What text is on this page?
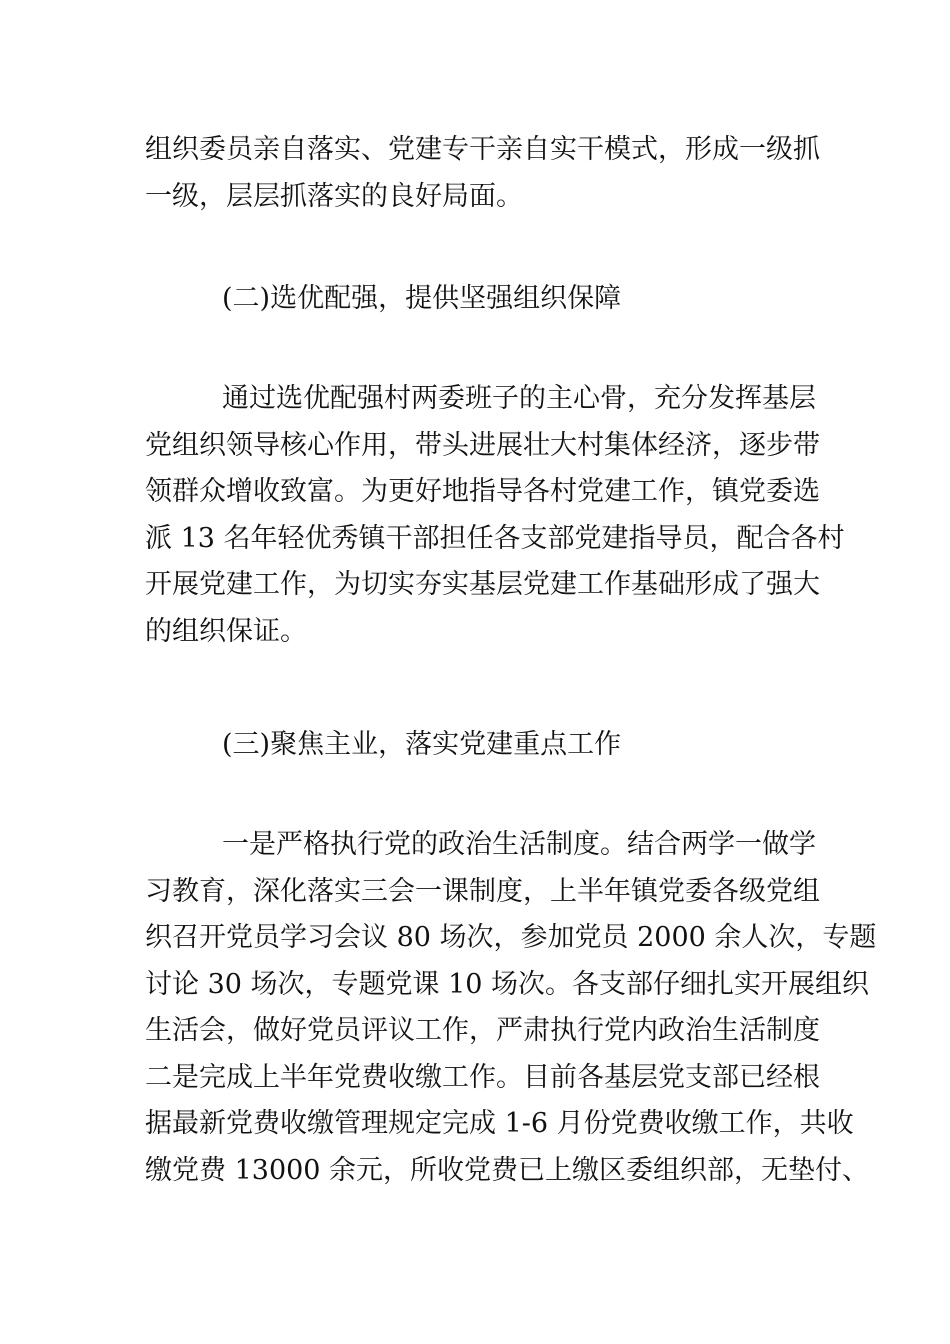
组织委员亲自落实、党建专干亲自实干模式，形成一级抓
一级，层层抓落实的良好局面。

(二)选优配强，提供坚强组织保障

通过选优配强村两委班子的主心骨，充分发挥基层
党组织领导核心作用，带头进展壮大村集体经济，逐步带
领群众增收致富。为更好地指导各村党建工作，镇党委选
派 13 名年轻优秀镇干部担任各支部党建指导员，配合各村
开展党建工作，为切实夯实基层党建工作基础形成了强大
的组织保证。

(三)聚焦主业，落实党建重点工作

一是严格执行党的政治生活制度。结合两学一做学
习教育，深化落实三会一课制度，上半年镇党委各级党组
织召开党员学习会议 80 场次，参加党员 2000 余人次，专题
讨论 30 场次，专题党课 10 场次。各支部仔细扎实开展组织
生活会，做好党员评议工作，严肃执行党内政治生活制度
二是完成上半年党费收缴工作。目前各基层党支部已经根
据最新党费收缴管理规定完成 1-6 月份党费收缴工作，共收
缴党费 13000 余元，所收党费已上缴区委组织部，无垫付、
